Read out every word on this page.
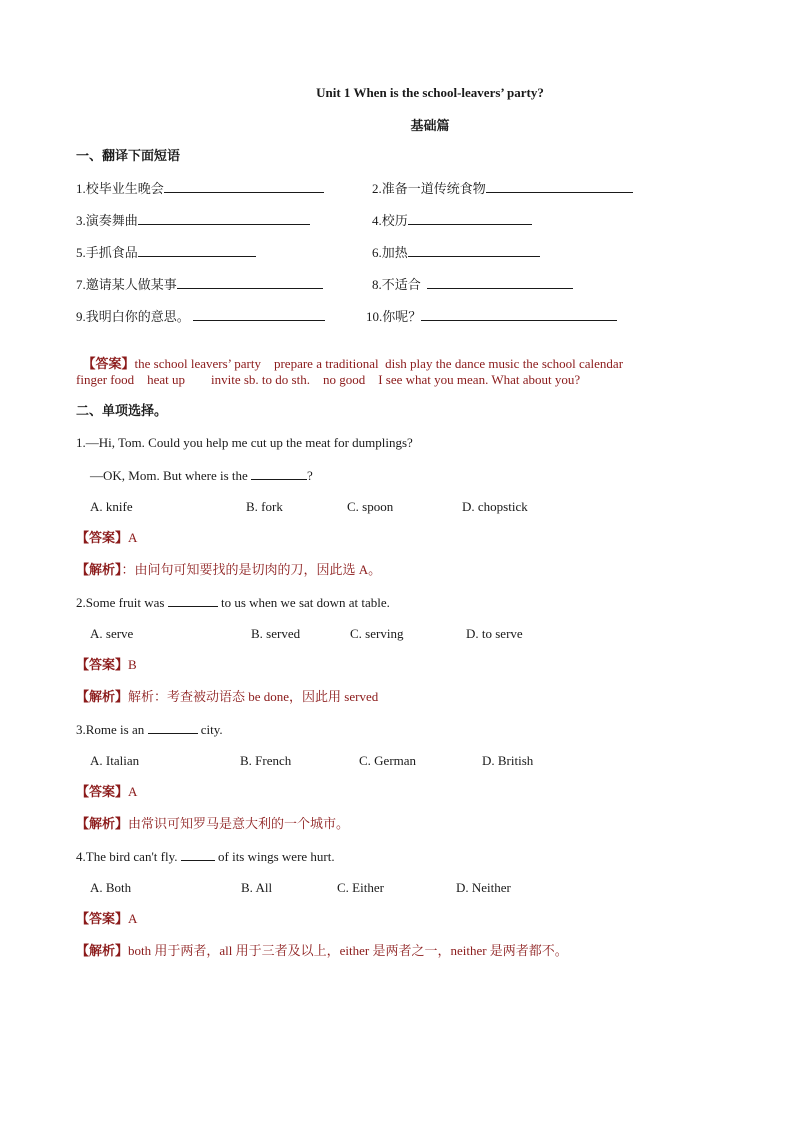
Unit 1 When is the school-leavers’ party?
基础篇
一、翻译下面短语
1.校毕业生晚会	2.准备一道传统食物
3.演奏舞曲	4.校历
5.手抓食品	6.加热
7.邀请某人做某事	8.不适合
9.我明白你的意思。	10.你呢？

【答案】the school leavers’ party    prepare a traditional  dish play the dance music the school calendar

finger food    heat up        invite sb. to do sth.    no good    I see what you mean. What about you?
二、单项选择。
1.—Hi, Tom. Could you help me cut up the meat for dumplings?
—OK, Mom. But where is the	?
A. knife	B. fork	C. spoon	D. chopstick
【答案】A
【解析】：由问句可知要找的是切肉的刀，因此选 A。
2.Some fruit was	to us when we sat down at table.
A. serve	B. served	C. serving	D. to serve
【答案】B
【解析】解析：考查被动语态 be done，因此用 served
3.Rome is an	city.
A. Italian	B. French	C. German	D. British
【答案】A
【解析】由常识可知罗马是意大利的一个城市。
4.The bird can't fly.	of its wings were hurt.
A. Both	B. All	C. Either	D. Neither
【答案】A
【解析】both 用于两者，all 用于三者及以上，either 是两者之一，neither 是两者都不。
